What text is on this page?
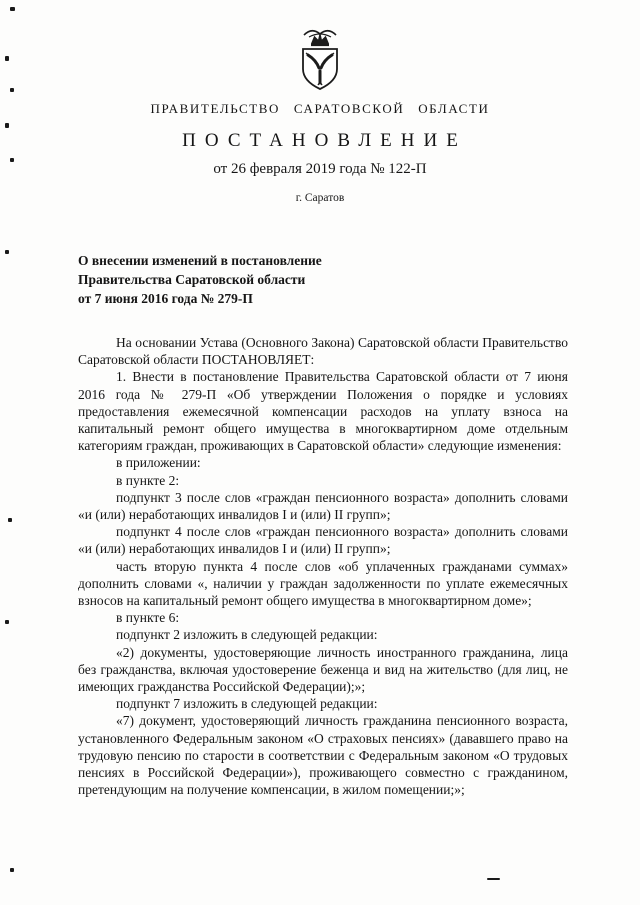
ПРАВИТЕЛЬСТВО САРАТОВСКОЙ ОБЛАСТИ
ПОСТАНОВЛЕНИЕ
от 26 февраля 2019 года № 122-П
г. Саратов
О внесении изменений в постановление
Правительства Саратовской области
от 7 июня 2016 года № 279-П

На основании Устава (Основного Закона) Саратовской области Правительство Саратовской области ПОСТАНОВЛЯЕТ:

1. Внести в постановление Правительства Саратовской области от 7 июня 2016 года № 279-П «Об утверждении Положения о порядке и условиях предоставления ежемесячной компенсации расходов на уплату взноса на капитальный ремонт общего имущества в многоквартирном доме отдельным категориям граждан, проживающих в Саратовской области» следующие изменения:

в приложении:

в пункте 2:

подпункт 3 после слов «граждан пенсионного возраста» дополнить словами «и (или) неработающих инвалидов I и (или) II групп»;

подпункт 4 после слов «граждан пенсионного возраста» дополнить словами «и (или) неработающих инвалидов I и (или) II групп»;

часть вторую пункта 4 после слов «об уплаченных гражданами суммах» дополнить словами «, наличии у граждан задолженности по уплате ежемесячных взносов на капитальный ремонт общего имущества в многоквартирном доме»;

в пункте 6:

подпункт 2 изложить в следующей редакции:

«2) документы, удостоверяющие личность иностранного гражданина, лица без гражданства, включая удостоверение беженца и вид на жительство (для лиц, не имеющих гражданства Российской Федерации);»;

подпункт 7 изложить в следующей редакции:

«7) документ, удостоверяющий личность гражданина пенсионного возраста, установленного Федеральным законом «О страховых пенсиях» (дававшего право на трудовую пенсию по старости в соответствии с Федеральным законом «О трудовых пенсиях в Российской Федерации»), проживающего совместно с гражданином, претендующим на получение компенсации, в жилом помещении;»;
